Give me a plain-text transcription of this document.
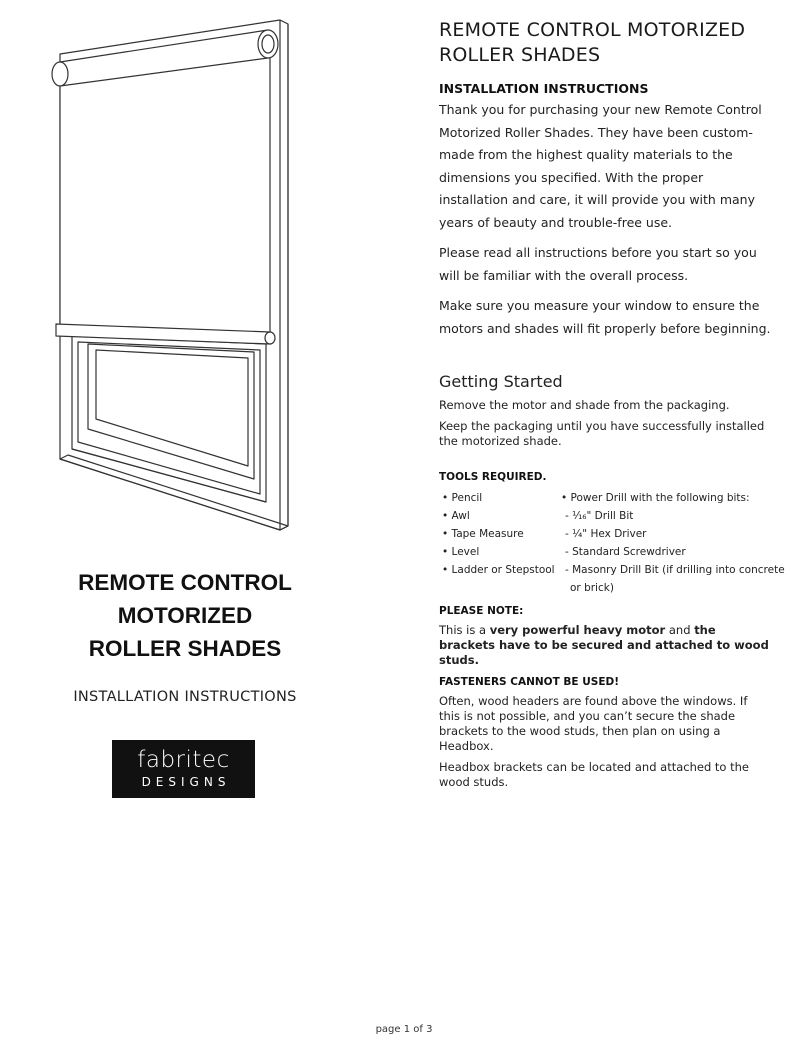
REMOTE CONTROL
MOTORIZED
ROLLER SHADES
INSTALLATION INSTRUCTIONS
fabritec
DESIGNS
REMOTE CONTROL MOTORIZED
ROLLER SHADES
INSTALLATION INSTRUCTIONS

Thank you for purchasing your new Remote Control Motorized Roller Shades. They have been custom-made from the highest quality materials to the dimensions you specified. With the proper installation and care, it will provide you with many years of beauty and trouble-free use.

Please read all instructions before you start so you will be familiar with the overall process.

Make sure you measure your window to ensure the motors and shades will fit properly before beginning.

Getting Started

Remove the motor and shade from the packaging.

Keep the packaging until you have successfully installed the motorized shade.

TOOLS REQUIRED.
• Pencil
• Awl
• Tape Measure
• Level
• Ladder or Stepstool
• Power Drill with the following bits:
- ¹⁄₁₆" Drill Bit
- ¼" Hex Driver
- Standard Screwdriver
- Masonry Drill Bit (if drilling into concrete
or brick)
PLEASE NOTE:

This is a very powerful heavy motor and the brackets have to be secured and attached to wood studs.

FASTENERS CANNOT BE USED!

Often, wood headers are found above the windows. If this is not possible, and you can’t secure the shade brackets to the wood studs, then plan on using a Headbox.

Headbox brackets can be located and attached to the wood studs.

page 1 of 3
